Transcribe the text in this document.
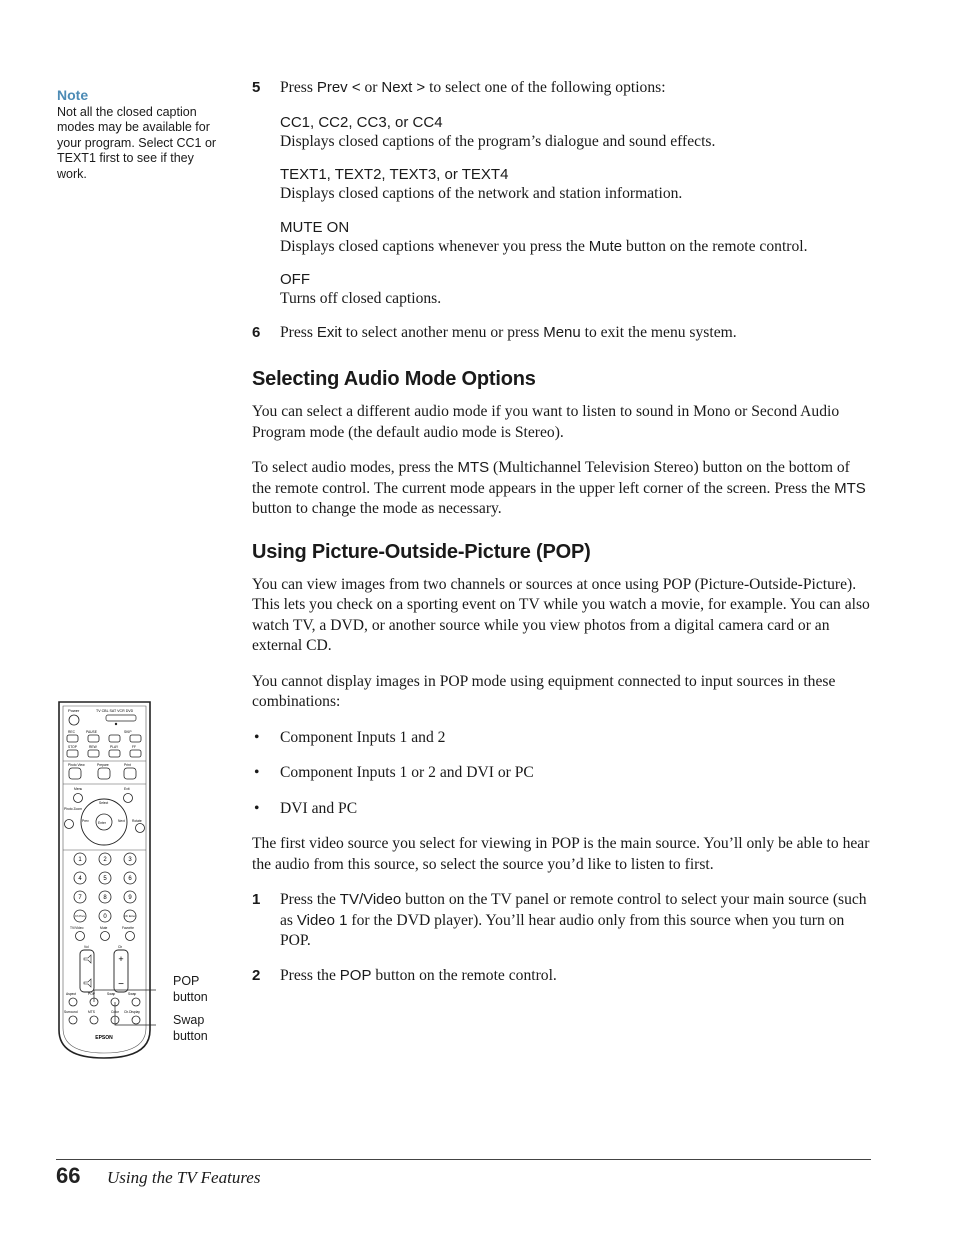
Note
Not all the closed caption modes may be available for your program. Select CC1 or TEXT1 first to see if they work.
5 Press Prev < or Next > to select one of the following options:
CC1, CC2, CC3, or CC4
Displays closed captions of the program’s dialogue and sound effects.
TEXT1, TEXT2, TEXT3, or TEXT4
Displays closed captions of the network and station information.
MUTE ON
Displays closed captions whenever you press the Mute button on the remote control.
OFF
Turns off closed captions.
6 Press Exit to select another menu or press Menu to exit the menu system.
Selecting Audio Mode Options

You can select a different audio mode if you want to listen to sound in Mono or Second Audio Program mode (the default audio mode is Stereo).

To select audio modes, press the MTS (Multichannel Television Stereo) button on the bottom of the remote control. The current mode appears in the upper left corner of the screen. Press the MTS button to change the mode as necessary.

Using Picture-Outside-Picture (POP)

You can view images from two channels or sources at once using POP (Picture-Outside-Picture). This lets you check on a sporting event on TV while you watch a movie, for example. You can also watch TV, a DVD, or another source while you view photos from a digital camera card or an external CD.

You cannot display images in POP mode using equipment connected to input sources in these combinations:

• Component Inputs 1 and 2
• Component Inputs 1 or 2 and DVI or PC
• DVI and PC

The first video source you select for viewing in POP is the main source. You’ll only be able to hear the audio from this source, so select the source you’d like to listen to first.

1 Press the TV/Video button on the TV panel or remote control to select your main source (such as Video 1 for the DVD player). You’ll hear audio only from this source when you turn on POP.
2 Press the POP button on the remote control.
Power	TV CBL SAT VCR DVD
REC	PAUSE	SKIP
STOP	REW	PLAY	FF
Photo View	Prepare	Print
Menu	Exit
Photo Zoom
Rotate
Select
Prev	Next
Enter
1	2	3
4	5	6
7	8	9
Ch Prev	0	Ch Enter
TV/Video	Mute	Favorite
Vol	Ch
+
−
Aspect	POP	Swap	Swap
Surround	MTS	Color Ch.Display
EPSON
POP button
Swap button
66 Using the TV Features
